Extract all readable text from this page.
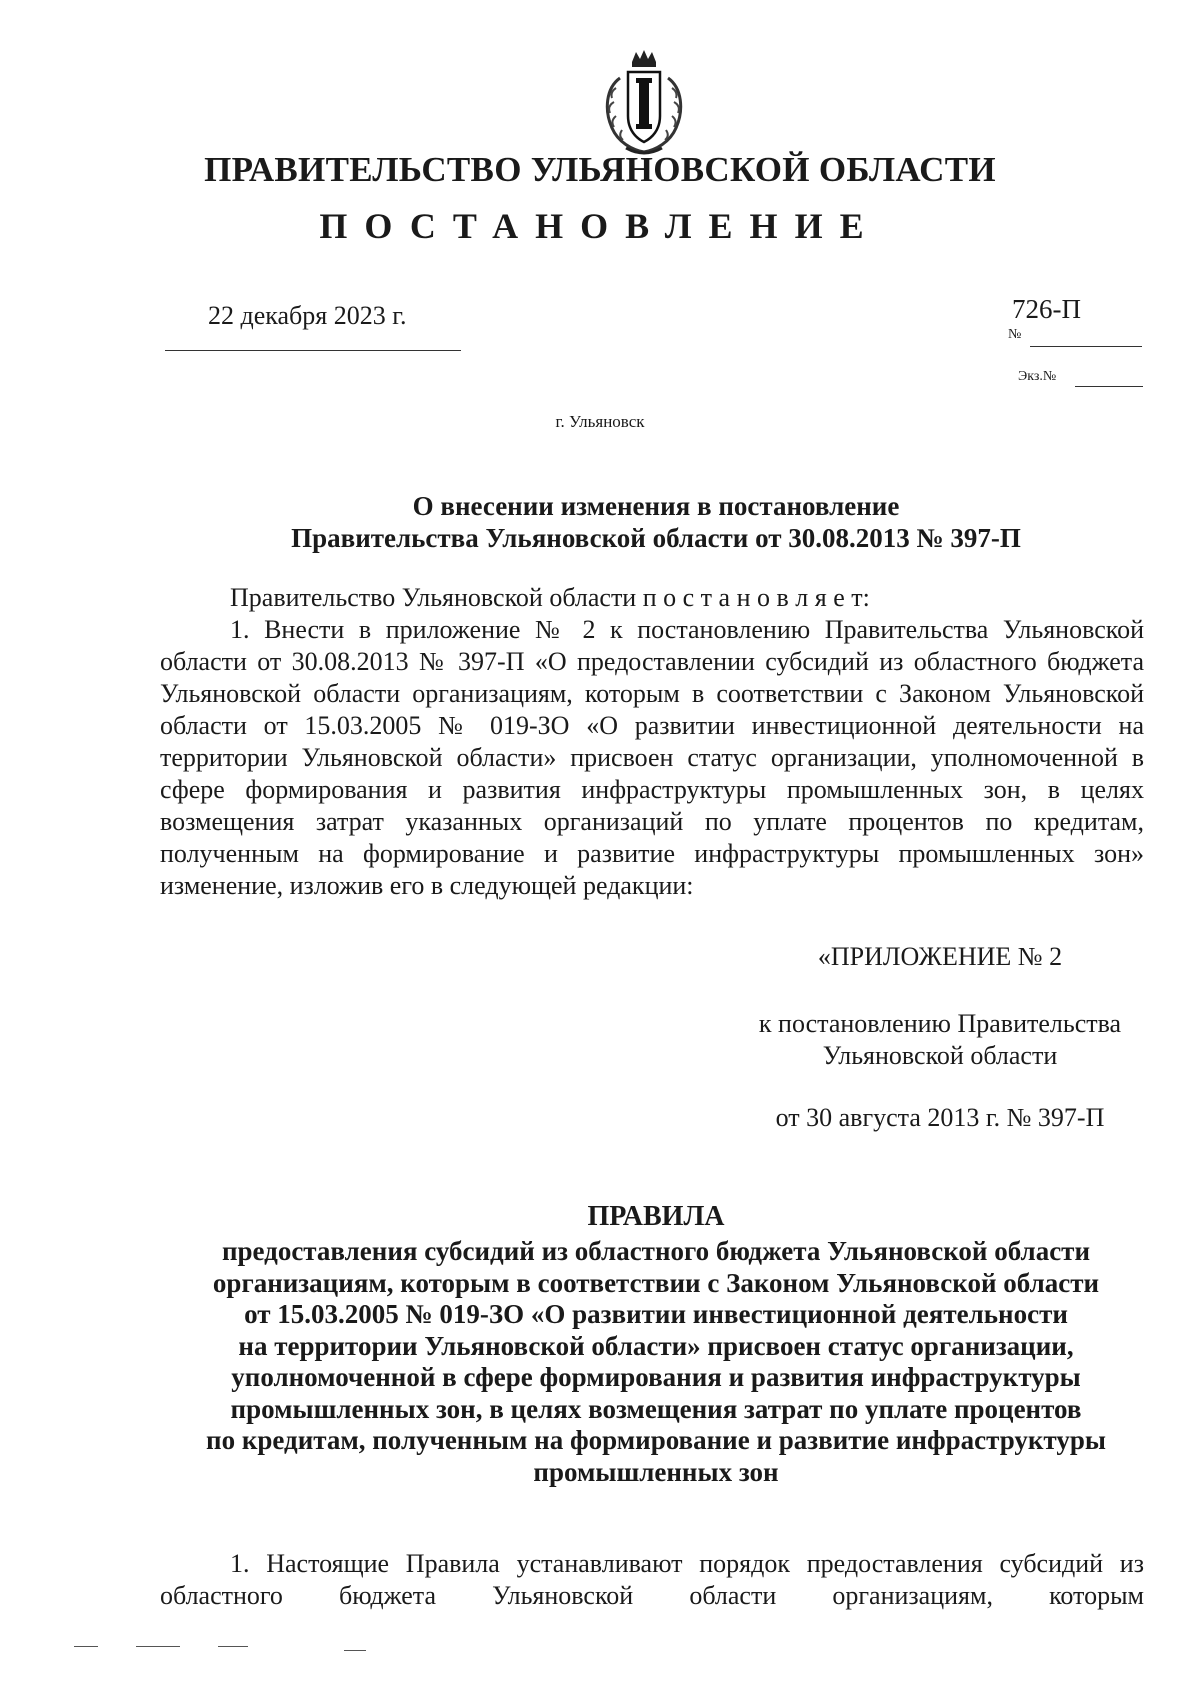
ПРАВИТЕЛЬСТВО УЛЬЯНОВСКОЙ ОБЛАСТИ
ПОСТАНОВЛЕНИЕ
22 декабря 2023 г.	726-П
№
Экз.№
г. Ульяновск
О внесении изменения в постановление
Правительства Ульяновской области от 30.08.2013 № 397-П
Правительство Ульяновской области п о с т а н о в л я е т:
1. Внести в приложение № 2 к постановлению Правительства Ульяновской области от 30.08.2013 № 397-П «О предоставлении субсидий из областного бюджета Ульяновской области организациям, которым в соответствии с Законом Ульяновской области от 15.03.2005 № 019-ЗО «О развитии инвестиционной деятельности на территории Ульяновской области» присвоен статус организации, уполномоченной в сфере формирования и развития инфраструктуры промышленных зон, в целях возмещения затрат указанных организаций по уплате процентов по кредитам, полученным на формирование и развитие инфраструктуры промышленных зон» изменение, изложив его в следующей редакции:
«ПРИЛОЖЕНИЕ № 2
к постановлению Правительства
Ульяновской области
от 30 августа 2013 г. № 397-П
ПРАВИЛА
предоставления субсидий из областного бюджета Ульяновской области
организациям, которым в соответствии с Законом Ульяновской области
от 15.03.2005 № 019-ЗО «О развитии инвестиционной деятельности
на территории Ульяновской области» присвоен статус организации,
уполномоченной в сфере формирования и развития инфраструктуры
промышленных зон, в целях возмещения затрат по уплате процентов
по кредитам, полученным на формирование и развитие инфраструктуры
промышленных зон
1. Настоящие Правила устанавливают порядок предоставления субсидий из областного бюджета Ульяновской области организациям, которым
